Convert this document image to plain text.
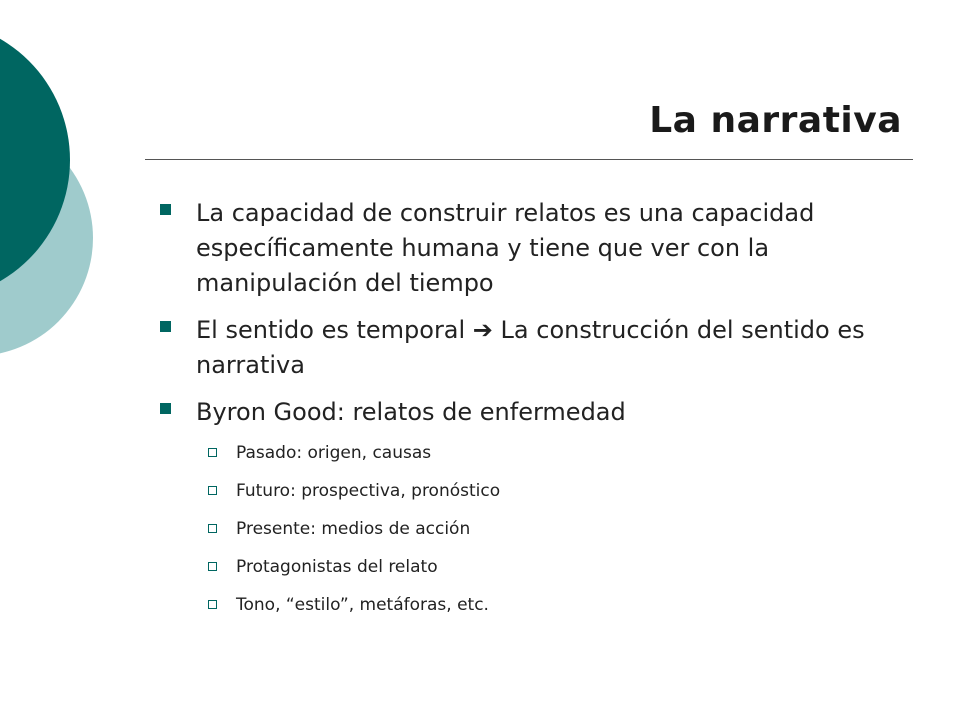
La narrativa
La capacidad de construir relatos es una capacidad específicamente humana y tiene que ver con la manipulación del tiempo
El sentido es temporal ➔ La construcción del sentido es narrativa
Byron Good: relatos de enfermedad
Pasado: origen, causas
Futuro: prospectiva, pronóstico
Presente: medios de acción
Protagonistas del relato
Tono, “estilo”, metáforas, etc.
